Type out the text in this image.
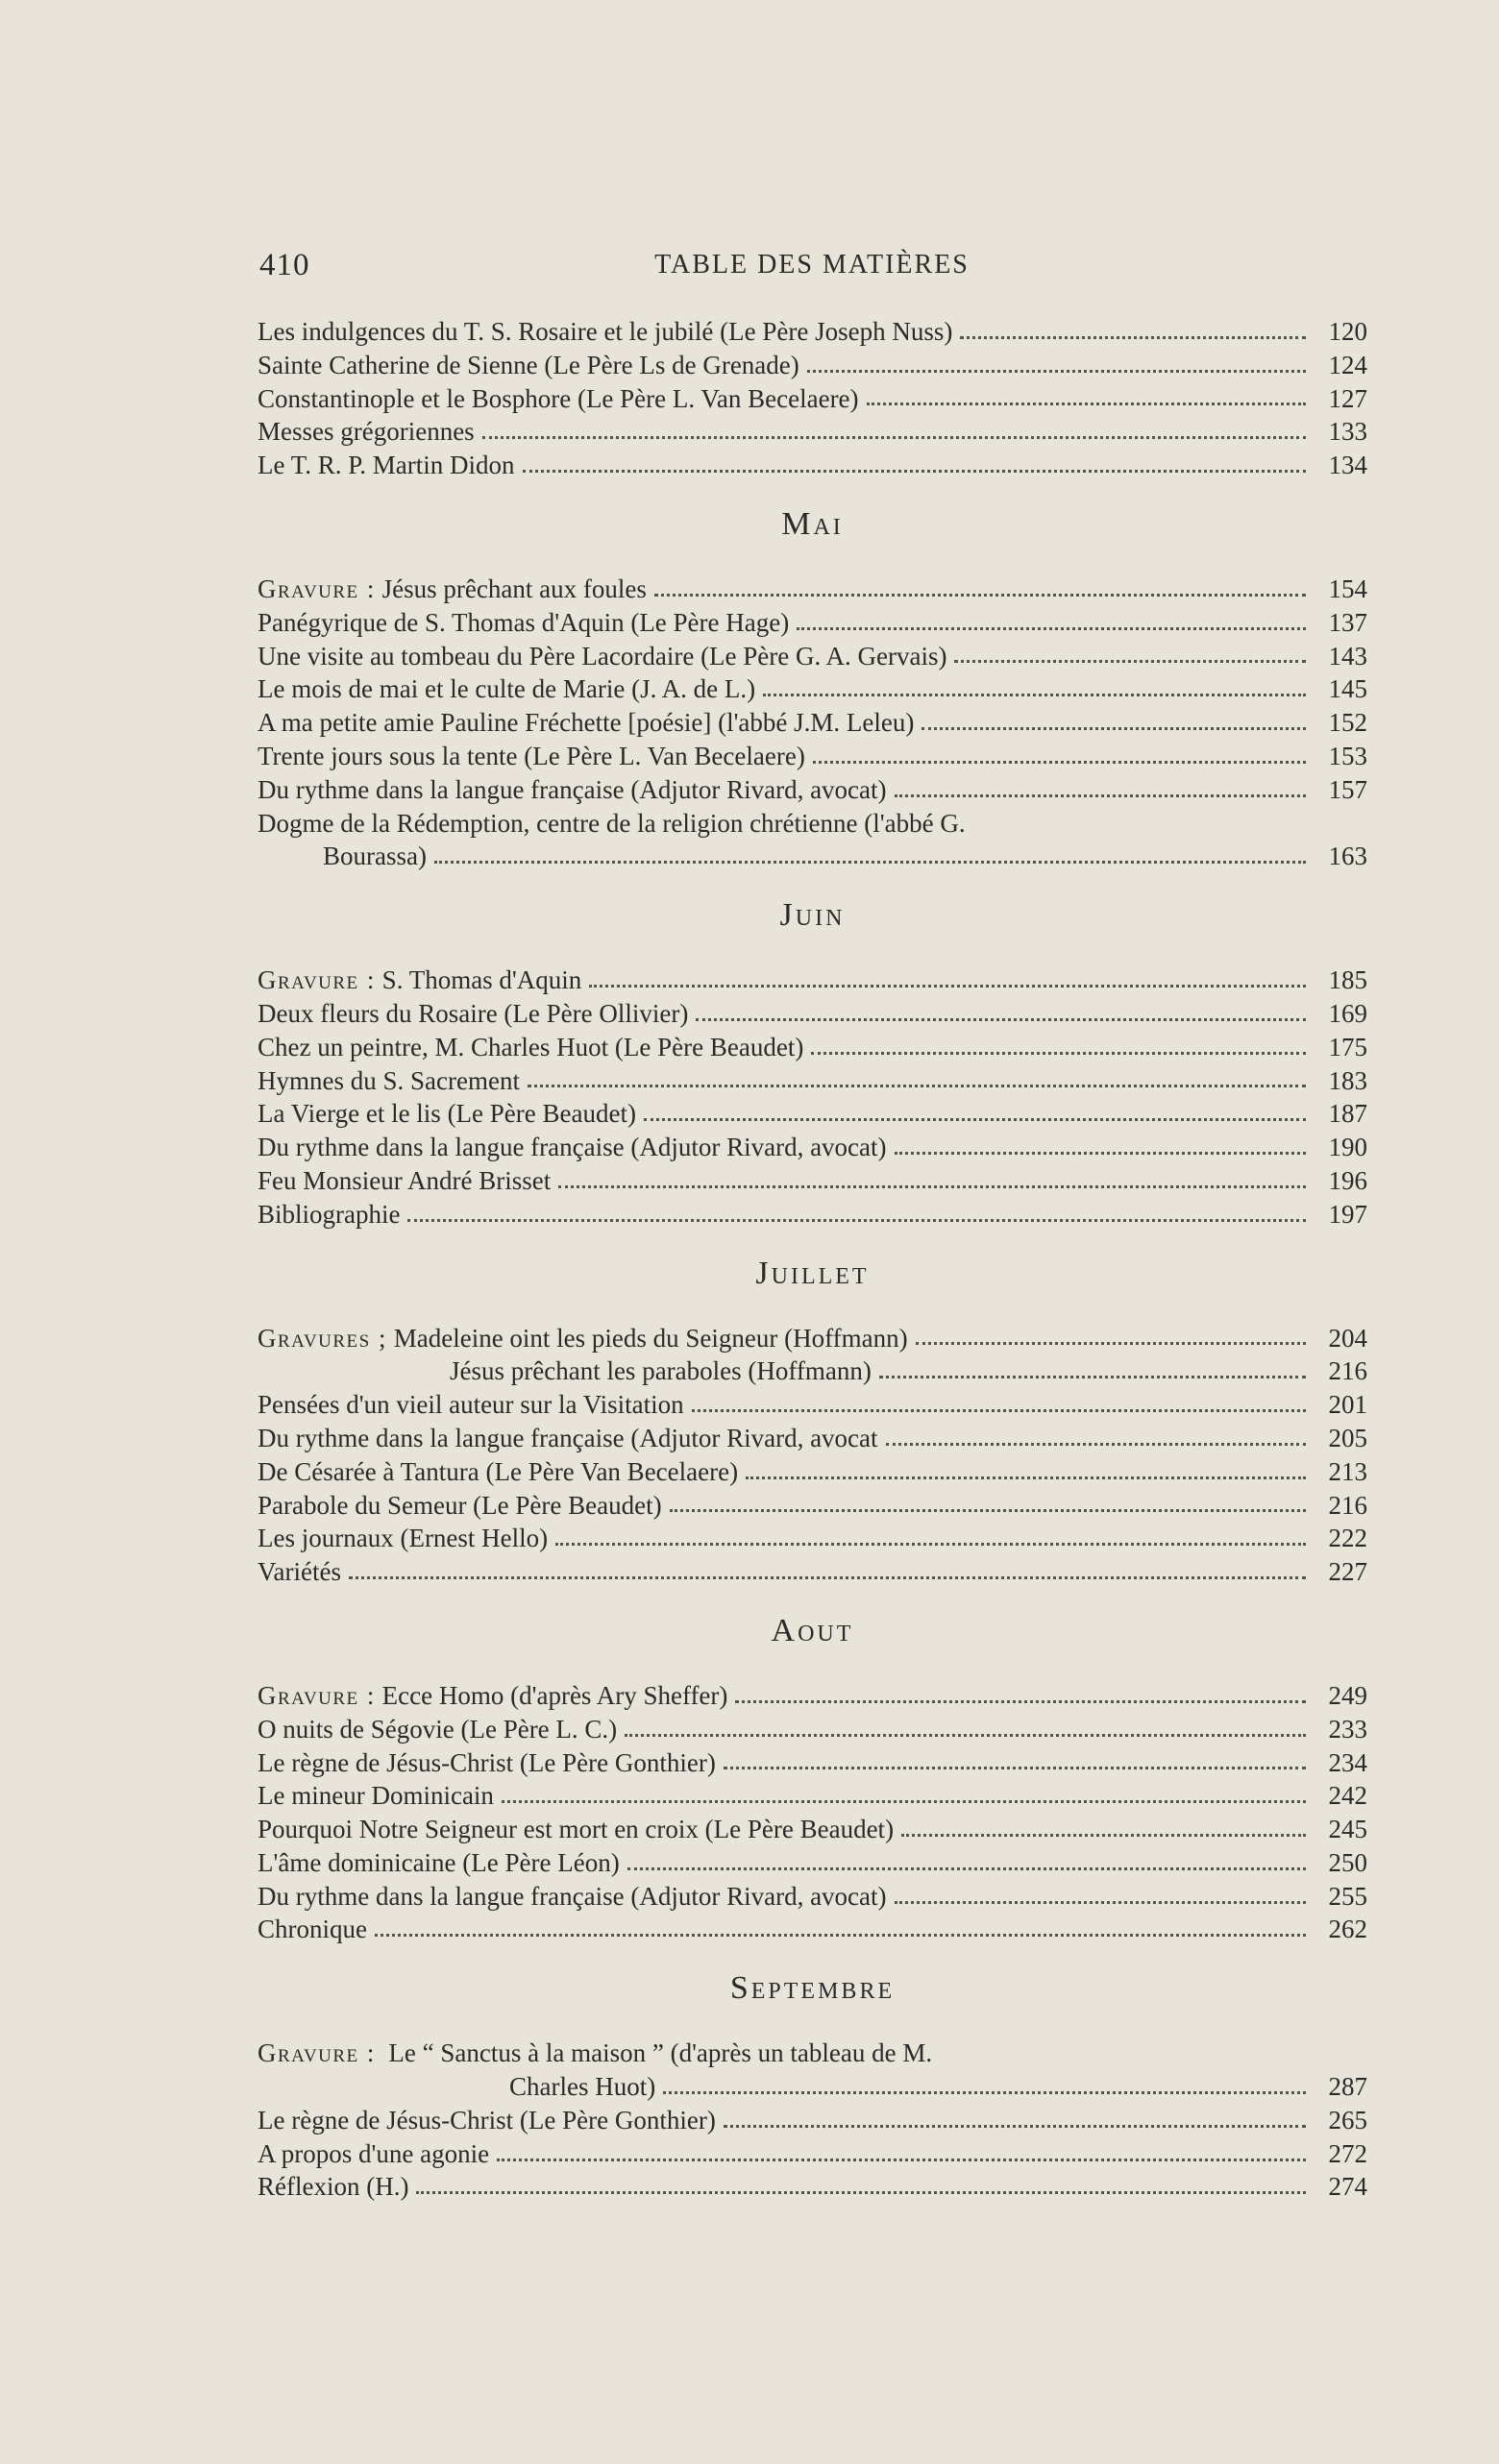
410	TABLE DES MATIÈRES
Les indulgences du T. S. Rosaire et le jubilé (Le Père Joseph Nuss)	120
Sainte Catherine de Sienne (Le Père Ls de Grenade)	124
Constantinople et le Bosphore (Le Père L. Van Becelaere)	127
Messes grégoriennes	133
Le T. R. P. Martin Didon	134
Mai
Gravure : Jésus prêchant aux foules	154
Panégyrique de S. Thomas d'Aquin (Le Père Hage)	137
Une visite au tombeau du Père Lacordaire (Le Père G. A. Gervais)	143
Le mois de mai et le culte de Marie (J. A. de L.)	145
A ma petite amie Pauline Fréchette [poésie] (l'abbé J.M. Leleu)	152
Trente jours sous la tente (Le Père L. Van Becelaere)	153
Du rythme dans la langue française (Adjutor Rivard, avocat)	157
Dogme de la Rédemption, centre de la religion chrétienne (l'abbé G.
Bourassa)	163
Juin
Gravure : S. Thomas d'Aquin	185
Deux fleurs du Rosaire (Le Père Ollivier)	169
Chez un peintre, M. Charles Huot (Le Père Beaudet)	175
Hymnes du S. Sacrement	183
La Vierge et le lis (Le Père Beaudet)	187
Du rythme dans la langue française (Adjutor Rivard, avocat)	190
Feu Monsieur André Brisset	196
Bibliographie	197
Juillet
Gravures ; Madeleine oint les pieds du Seigneur (Hoffmann)	204
Jésus prêchant les paraboles (Hoffmann)	216
Pensées d'un vieil auteur sur la Visitation	201
Du rythme dans la langue française (Adjutor Rivard, avocat	205
De Césarée à Tantura (Le Père Van Becelaere)	213
Parabole du Semeur (Le Père Beaudet)	216
Les journaux (Ernest Hello)	222
Variétés	227
Aout
Gravure : Ecce Homo (d'après Ary Sheffer)	249
O nuits de Ségovie (Le Père L. C.)	233
Le règne de Jésus-Christ (Le Père Gonthier)	234
Le mineur Dominicain	242
Pourquoi Notre Seigneur est mort en croix (Le Père Beaudet)	245
L'âme dominicaine (Le Père Léon)	250
Du rythme dans la langue française (Adjutor Rivard, avocat)	255
Chronique	262
Septembre
Gravure : Le “ Sanctus à la maison ” (d'après un tableau de M.
Charles Huot)	287
Le règne de Jésus-Christ (Le Père Gonthier)	265
A propos d'une agonie	272
Réflexion (H.)	274
